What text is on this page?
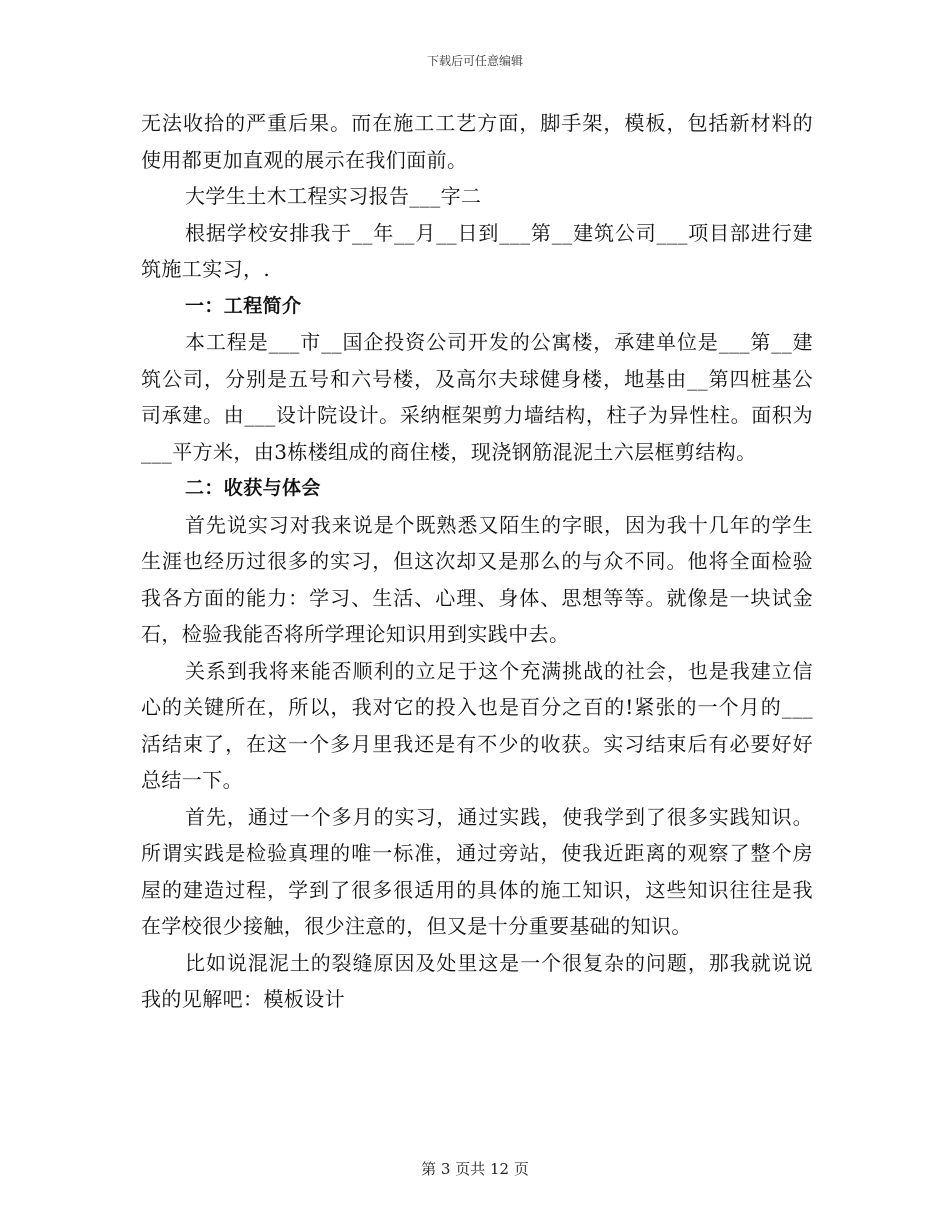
下载后可任意编辑

无法收拾的严重后果。而在施工工艺方面，脚手架，模板，包括新材料的使用都更加直观的展示在我们面前。

大学生土木工程实习报告___字二

根据学校安排我于__年__月__日到___第__建筑公司___项目部进行建筑施工实习，.

一：工程简介

本工程是___市__国企投资公司开发的公寓楼，承建单位是___第__建筑公司，分别是五号和六号楼，及高尔夫球健身楼，地基由__第四桩基公司承建。由___设计院设计。采纳框架剪力墙结构，柱子为异性柱。面积为___平方米，由3栋楼组成的商住楼，现浇钢筋混泥土六层框剪结构。

二：收获与体会

首先说实习对我来说是个既熟悉又陌生的字眼，因为我十几年的学生生涯也经历过很多的实习，但这次却又是那么的与众不同。他将全面检验我各方面的能力：学习、生活、心理、身体、思想等等。就像是一块试金石，检验我能否将所学理论知识用到实践中去。

关系到我将来能否顺利的立足于这个充满挑战的社会，也是我建立信心的关键所在，所以，我对它的投入也是百分之百的!紧张的一个月的___活结束了，在这一个多月里我还是有不少的收获。实习结束后有必要好好总结一下。

首先，通过一个多月的实习，通过实践，使我学到了很多实践知识。所谓实践是检验真理的唯一标准，通过旁站，使我近距离的观察了整个房屋的建造过程，学到了很多很适用的具体的施工知识，这些知识往往是我在学校很少接触，很少注意的，但又是十分重要基础的知识。

比如说混泥土的裂缝原因及处里这是一个很复杂的问题，那我就说说我的见解吧：模板设计

第 3 页共 12 页
